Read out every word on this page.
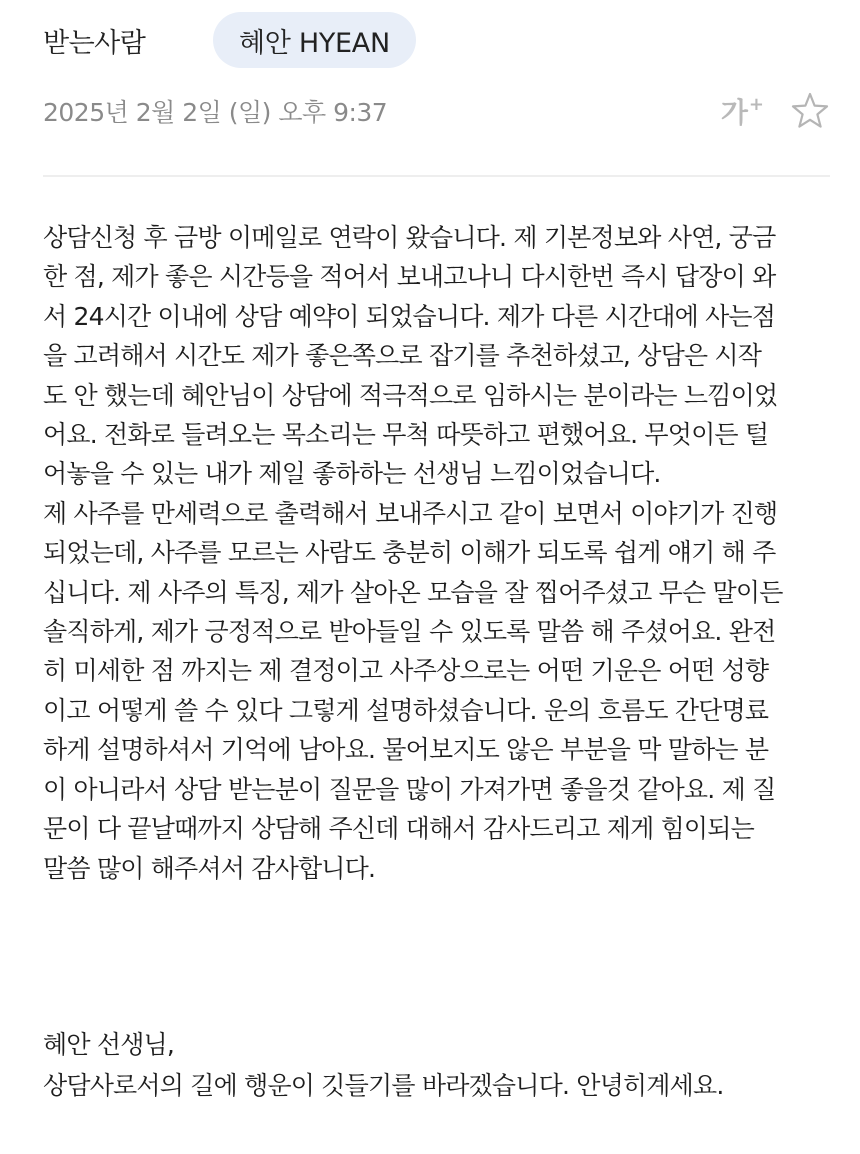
받는사람	혜안 HYEAN
2025년 2월 2일 (일) 오후 9:37	가+

상담신청 후 금방 이메일로 연락이 왔습니다. 제 기본정보와 사연, 궁금

한 점, 제가 좋은 시간등을 적어서 보내고나니 다시한번 즉시 답장이 와

서 24시간 이내에 상담 예약이 되었습니다. 제가 다른 시간대에 사는점

을 고려해서 시간도 제가 좋은쪽으로 잡기를 추천하셨고, 상담은 시작

도 안 했는데 혜안님이 상담에 적극적으로 임하시는 분이라는 느낌이었

어요. 전화로 들려오는 목소리는 무척 따뜻하고 편했어요. 무엇이든 털

어놓을 수 있는 내가 제일 좋하하는 선생님 느낌이었습니다.

제 사주를 만세력으로 출력해서 보내주시고 같이 보면서 이야기가 진행

되었는데, 사주를 모르는 사람도 충분히 이해가 되도록 쉽게 얘기 해 주

십니다. 제 사주의 특징, 제가 살아온 모습을 잘 찝어주셨고 무슨 말이든

솔직하게, 제가 긍정적으로 받아들일 수 있도록 말씀 해 주셨어요. 완전

히 미세한 점 까지는 제 결정이고 사주상으로는 어떤 기운은 어떤 성향

이고 어떻게 쓸 수 있다 그렇게 설명하셨습니다. 운의 흐름도 간단명료

하게 설명하셔서 기억에 남아요. 물어보지도 않은 부분을 막 말하는 분

이 아니라서 상담 받는분이 질문을 많이 가져가면 좋을것 같아요. 제 질

문이 다 끝날때까지 상담해 주신데 대해서 감사드리고 제게 힘이되는

말씀 많이 해주셔서 감사합니다.

혜안 선생님,

상담사로서의 길에 행운이 깃들기를 바라겠습니다. 안녕히계세요.
